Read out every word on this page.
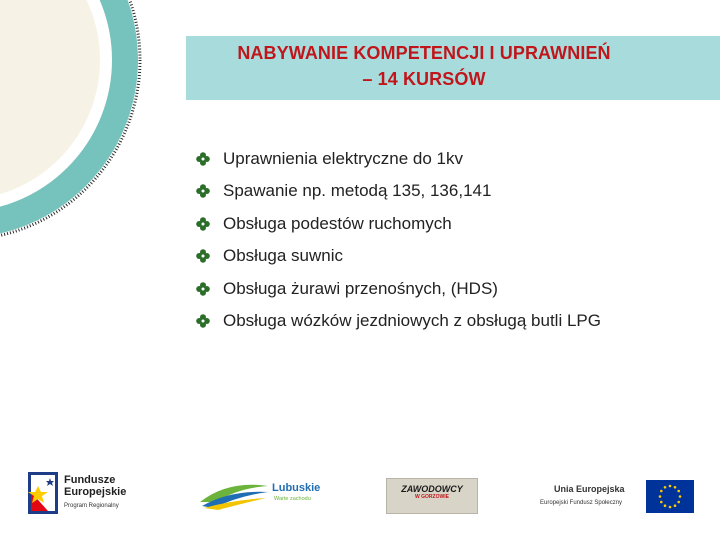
NABYWANIE KOMPETENCJI I UPRAWNIEŃ
– 14 KURSÓW
Uprawnienia elektryczne do 1kv
Spawanie np. metodą 135, 136,141
Obsługa podestów ruchomych
Obsługa suwnic
Obsługa żurawi przenośnych, (HDS)
Obsługa wózków jezdniowych z obsługą butli LPG
Fundusze
Europejskie
Program Regionalny
Lubuskie
Warte zachodu
ZAWODOWCY
W GORZOWIE
Unia Europejska
Europejski Fundusz Społeczny
